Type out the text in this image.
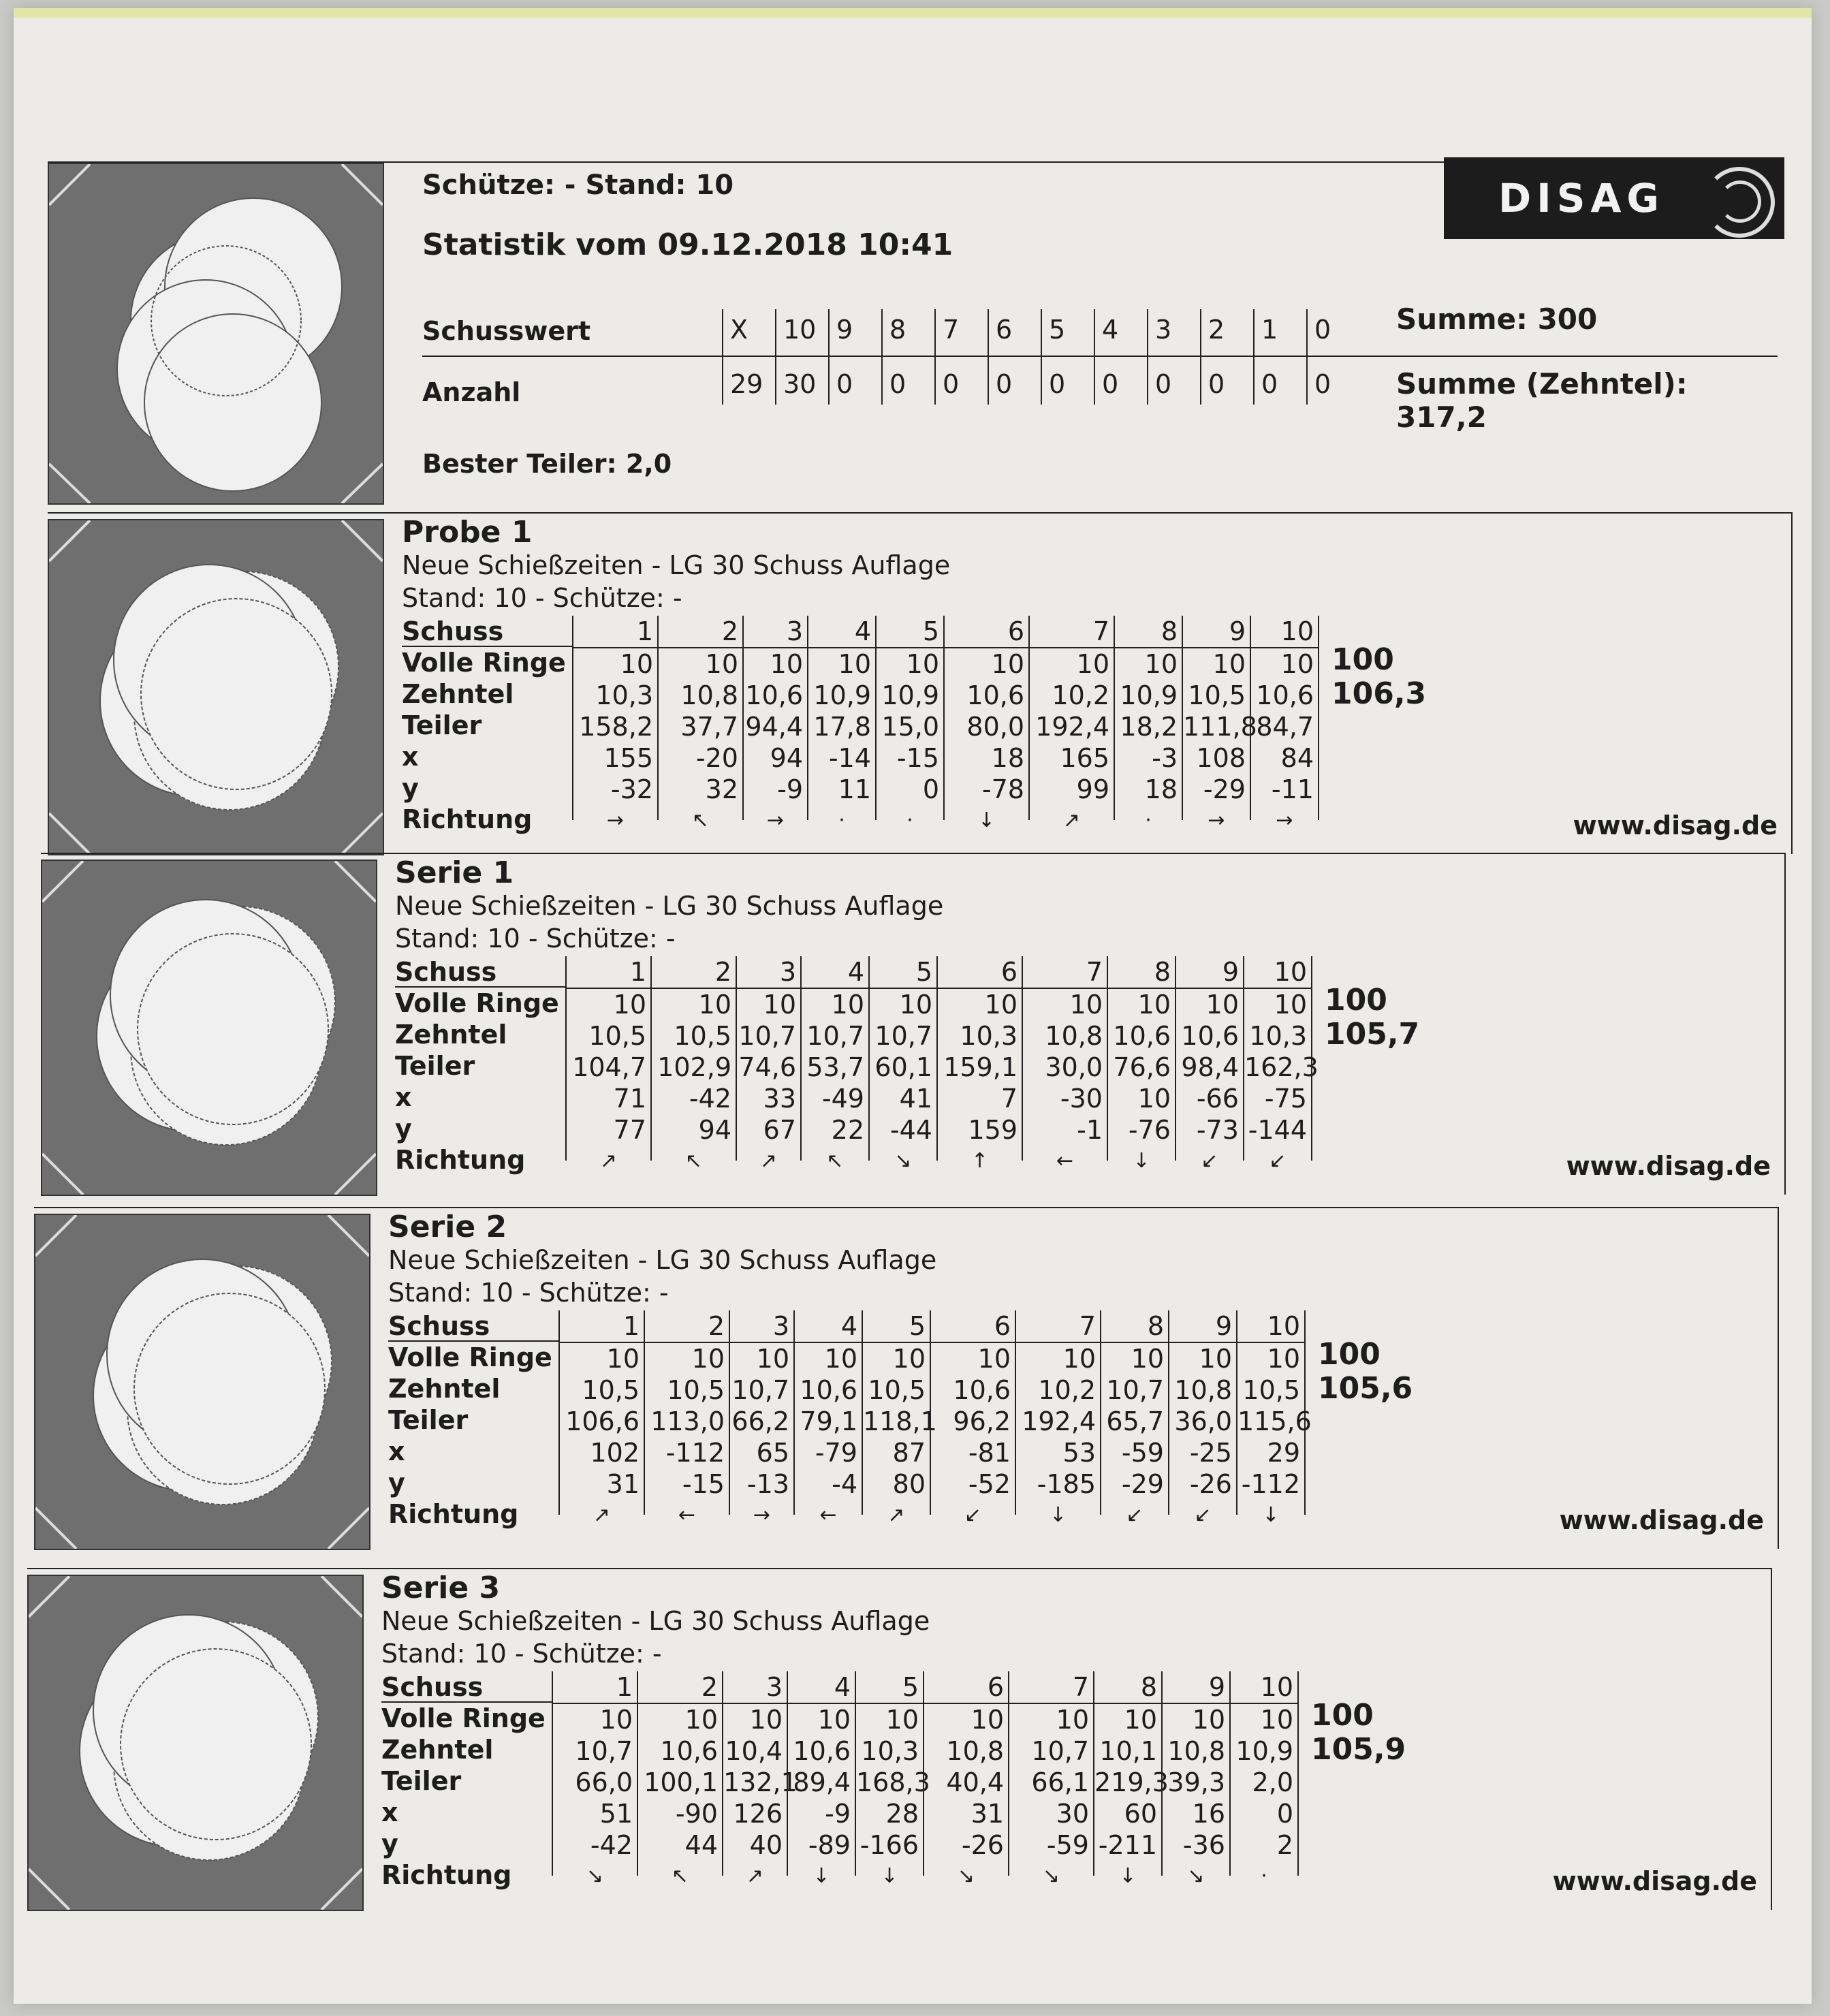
Schütze: - Stand: 10
Statistik vom 09.12.2018 10:41
DISAG
Schusswert
Anzahl
X
29
10
30
9
0
8
0
7
0
6
0
5
0
4
0
3
0
2
0
1
0
0
0
Summe: 300
Summe (Zehntel): 317,2
Bester Teiler: 2,0
Probe 1
Neue Schießzeiten - LG 30 Schuss Auflage
Stand: 10 - Schütze: -
www.disag.de
Schuss
Volle Ringe
Zehntel
Teiler
x
y
Richtung
1
10
10,3
158,2
155
-32
→
2
10
10,8
37,7
-20
32
↖
3
10
10,6
94,4
94
-9
→
4
10
10,9
17,8
-14
11
·
5
10
10,9
15,0
-15
0
·
6
10
10,6
80,0
18
-78
↓
7
10
10,2
192,4
165
99
↗
8
10
10,9
18,2
-3
18
·
9
10
10,5
111,8
108
-29
→
10
10
10,6
84,7
84
-11
→
100
106,3
Serie 1
Neue Schießzeiten - LG 30 Schuss Auflage
Stand: 10 - Schütze: -
www.disag.de
Schuss
Volle Ringe
Zehntel
Teiler
x
y
Richtung
1
10
10,5
104,7
71
77
↗
2
10
10,5
102,9
-42
94
↖
3
10
10,7
74,6
33
67
↗
4
10
10,7
53,7
-49
22
↖
5
10
10,7
60,1
41
-44
↘
6
10
10,3
159,1
7
159
↑
7
10
10,8
30,0
-30
-1
←
8
10
10,6
76,6
10
-76
↓
9
10
10,6
98,4
-66
-73
↙
10
10
10,3
162,3
-75
-144
↙
100
105,7
Serie 2
Neue Schießzeiten - LG 30 Schuss Auflage
Stand: 10 - Schütze: -
www.disag.de
Schuss
Volle Ringe
Zehntel
Teiler
x
y
Richtung
1
10
10,5
106,6
102
31
↗
2
10
10,5
113,0
-112
-15
←
3
10
10,7
66,2
65
-13
→
4
10
10,6
79,1
-79
-4
←
5
10
10,5
118,1
87
80
↗
6
10
10,6
96,2
-81
-52
↙
7
10
10,2
192,4
53
-185
↓
8
10
10,7
65,7
-59
-29
↙
9
10
10,8
36,0
-25
-26
↙
10
10
10,5
115,6
29
-112
↓
100
105,6
Serie 3
Neue Schießzeiten - LG 30 Schuss Auflage
Stand: 10 - Schütze: -
www.disag.de
Schuss
Volle Ringe
Zehntel
Teiler
x
y
Richtung
1
10
10,7
66,0
51
-42
↘
2
10
10,6
100,1
-90
44
↖
3
10
10,4
132,1
126
40
↗
4
10
10,6
89,4
-9
-89
↓
5
10
10,3
168,3
28
-166
↓
6
10
10,8
40,4
31
-26
↘
7
10
10,7
66,1
30
-59
↘
8
10
10,1
219,3
60
-211
↓
9
10
10,8
39,3
16
-36
↘
10
10
10,9
2,0
0
2
·
100
105,9
